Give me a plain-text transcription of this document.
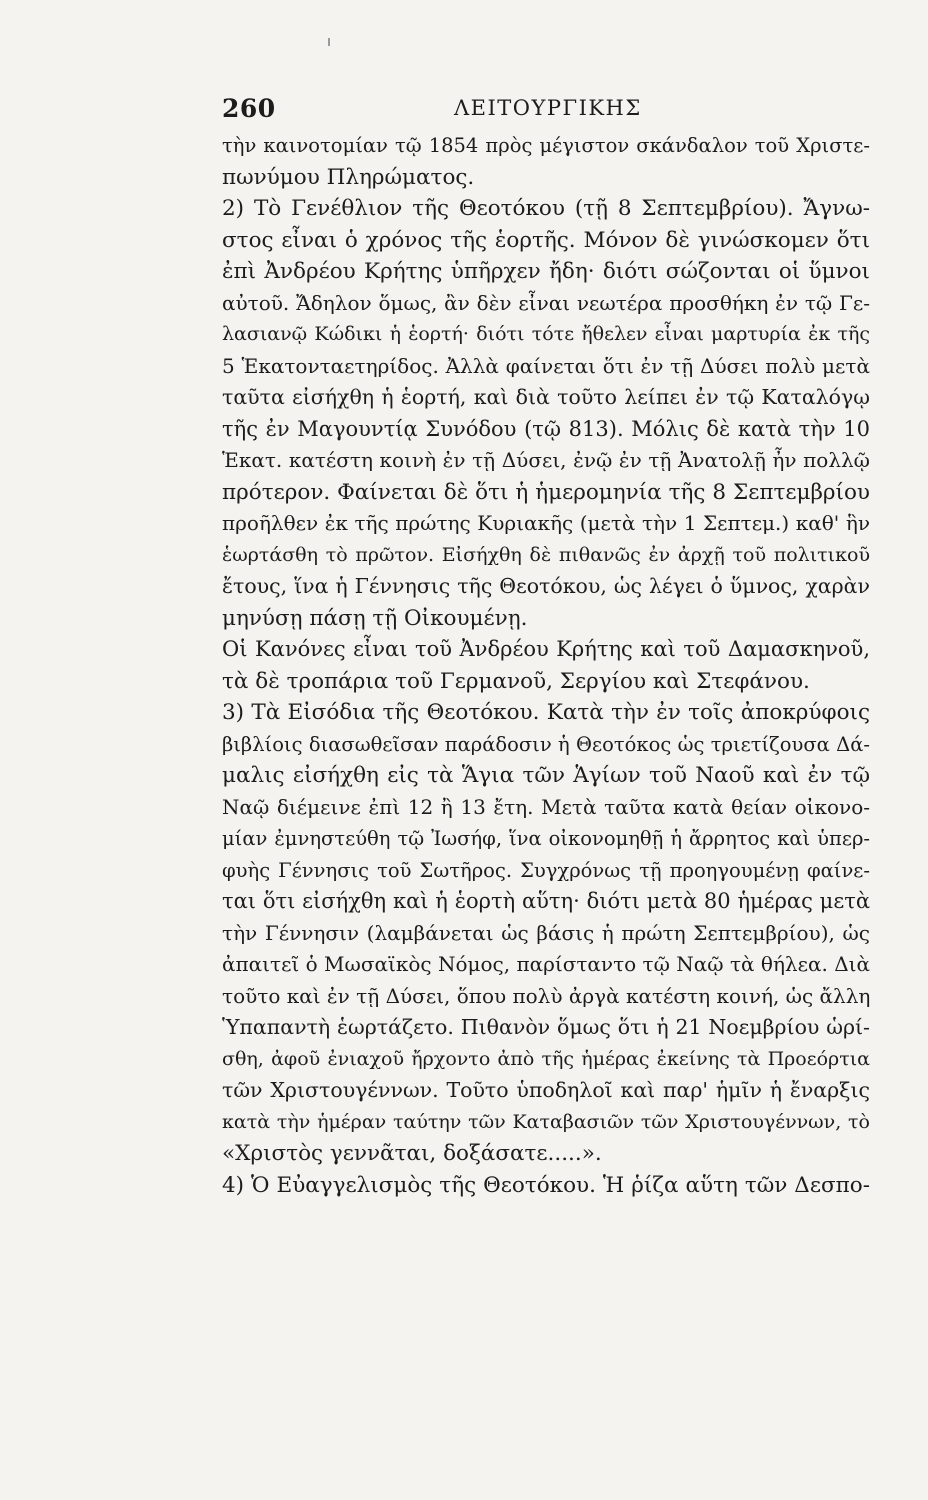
260	ΛΕΙΤΟΥΡΓΙΚΗΣ
τὴν καινοτομίαν τῷ 1854 πρὸς μέγιστον σκάνδαλον τοῦ Χριστε-
πωνύμου Πληρώματος.
2) Τὸ Γενέθλιον τῆς Θεοτόκου (τῇ 8 Σεπτεμβρίου). Ἄγνω-
στος εἶναι ὁ χρόνος τῆς ἑορτῆς. Μόνον δὲ γινώσκομεν ὅτι
ἐπὶ Ἀνδρέου Κρήτης ὑπῆρχεν ἤδη· διότι σώζονται οἱ ὕμνοι
αὐτοῦ. Ἄδηλον ὅμως, ἂν δὲν εἶναι νεωτέρα προσθήκη ἐν τῷ Γε-
λασιανῷ Κώδικι ἡ ἑορτή· διότι τότε ἤθελεν εἶναι μαρτυρία ἐκ τῆς
5 Ἑκατονταετηρίδος. Ἀλλὰ φαίνεται ὅτι ἐν τῇ Δύσει πολὺ μετὰ
ταῦτα εἰσήχθη ἡ ἑορτή, καὶ διὰ τοῦτο λείπει ἐν τῷ Καταλόγῳ
τῆς ἐν Μαγουντίᾳ Συνόδου (τῷ 813). Μόλις δὲ κατὰ τὴν 10
Ἑκατ. κατέστη κοινὴ ἐν τῇ Δύσει, ἐνῷ ἐν τῇ Ἀνατολῇ ἦν πολλῷ
πρότερον. Φαίνεται δὲ ὅτι ἡ ἡμερομηνία τῆς 8 Σεπτεμβρίου
προῆλθεν ἐκ τῆς πρώτης Κυριακῆς (μετὰ τὴν 1 Σεπτεμ.) καθ' ἣν
ἑωρτάσθη τὸ πρῶτον. Εἰσήχθη δὲ πιθανῶς ἐν ἀρχῇ τοῦ πολιτικοῦ
ἔτους, ἵνα ἡ Γέννησις τῆς Θεοτόκου, ὡς λέγει ὁ ὕμνος, χαρὰν
μηνύσῃ πάσῃ τῇ Οἰκουμένῃ.
Οἱ Κανόνες εἶναι τοῦ Ἀνδρέου Κρήτης καὶ τοῦ Δαμασκηνοῦ,
τὰ δὲ τροπάρια τοῦ Γερμανοῦ, Σεργίου καὶ Στεφάνου.
3) Τὰ Εἰσόδια τῆς Θεοτόκου. Κατὰ τὴν ἐν τοῖς ἀποκρύφοις
βιβλίοις διασωθεῖσαν παράδοσιν ἡ Θεοτόκος ὡς τριετίζουσα Δά-
μαλις εἰσήχθη εἰς τὰ Ἅγια τῶν Ἁγίων τοῦ Ναοῦ καὶ ἐν τῷ
Ναῷ διέμεινε ἐπὶ 12 ἢ 13 ἔτη. Μετὰ ταῦτα κατὰ θείαν οἰκονο-
μίαν ἐμνηστεύθη τῷ Ἰωσήφ, ἵνα οἰκονομηθῇ ἡ ἄρρητος καὶ ὑπερ-
φυὴς Γέννησις τοῦ Σωτῆρος. Συγχρόνως τῇ προηγουμένῃ φαίνε-
ται ὅτι εἰσήχθη καὶ ἡ ἑορτὴ αὕτη· διότι μετὰ 80 ἡμέρας μετὰ
τὴν Γέννησιν (λαμβάνεται ὡς βάσις ἡ πρώτη Σεπτεμβρίου), ὡς
ἀπαιτεῖ ὁ Μωσαϊκὸς Νόμος, παρίσταντο τῷ Ναῷ τὰ θήλεα. Διὰ
τοῦτο καὶ ἐν τῇ Δύσει, ὅπου πολὺ ἀργὰ κατέστη κοινή, ὡς ἄλλη
Ὑπαπαντὴ ἑωρτάζετο. Πιθανὸν ὅμως ὅτι ἡ 21 Νοεμβρίου ὡρί-
σθη, ἀφοῦ ἐνιαχοῦ ἤρχοντο ἀπὸ τῆς ἡμέρας ἐκείνης τὰ Προεόρτια
τῶν Χριστουγέννων. Τοῦτο ὑποδηλοῖ καὶ παρ' ἡμῖν ἡ ἔναρξις
κατὰ τὴν ἡμέραν ταύτην τῶν Καταβασιῶν τῶν Χριστουγέννων, τὸ
«Χριστὸς γεννᾶται, δοξάσατε.....».
4) Ὁ Εὐαγγελισμὸς τῆς Θεοτόκου. Ἡ ῥίζα αὕτη τῶν Δεσπο-
